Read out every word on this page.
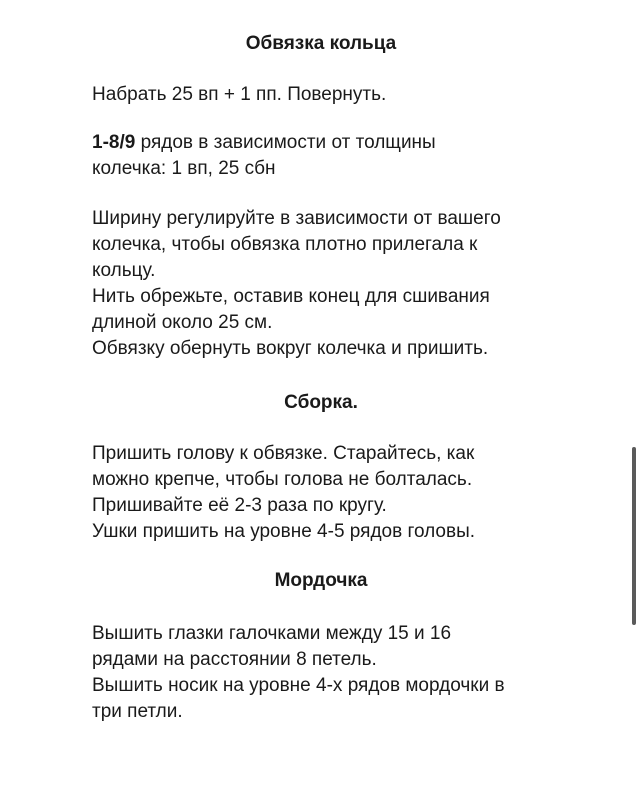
Обвязка кольца

Набрать 25 вп + 1 пп. Повернуть.

1-8/9 рядов в зависимости от толщины
колечка: 1 вп, 25 сбн

Ширину регулируйте в зависимости от вашего
колечка, чтобы обвязка плотно прилегала к
кольцу.
Нить обрежьте, оставив конец для сшивания
длиной около 25 см.
Обвязку обернуть вокруг колечка и пришить.

Сборка.

Пришить голову к обвязке. Старайтесь, как
можно крепче, чтобы голова не болталась.
Пришивайте её 2-3 раза по кругу.
Ушки пришить на уровне 4-5 рядов головы.

Мордочка

Вышить глазки галочками между 15 и 16
рядами на расстоянии 8 петель.
Вышить носик на уровне 4-х рядов мордочки в
три петли.
